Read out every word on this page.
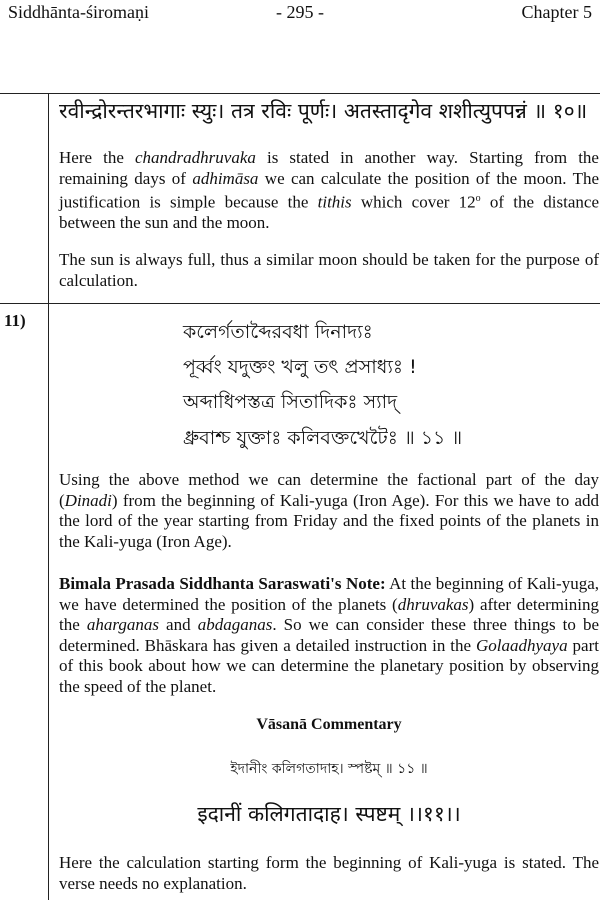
Siddhānta-śiromaṇi	- 295 -	Chapter 5
रवीन्द्रोरन्तरभागाः स्युः। तत्र रविः पूर्णः। अतस्तादृगेव शशीत्युपपन्नं ॥ १०॥

Here the chandradhruvaka is stated in another way. Starting from the remaining days of adhimāsa we can calculate the position of the moon. The justification is simple because the tithis which cover 12$^o$ of the distance between the sun and the moon.

The sun is always full, thus a similar moon should be taken for the purpose of calculation.

11)
কলের্গতাব্দৈরবধা দিনাদ্যঃ
পূর্ব্বং যদুক্তং খলু তৎ প্রসাধ্যঃ !
অব্দাধিপস্তত্র সিতাদিকঃ স্যাদ্
ধ্রুবাশ্চ যুক্তাঃ কলিবক্তখেটৈঃ ॥ ১১ ॥

Using the above method we can determine the factional part of the day (Dinadi) from the beginning of Kali-yuga (Iron Age). For this we have to add the lord of the year starting from Friday and the fixed points of the planets in the Kali-yuga (Iron Age).

Bimala Prasada Siddhanta Saraswati's Note: At the beginning of Kali-yuga, we have determined the position of the planets (dhruvakas) after determining the aharganas and abdaganas. So we can consider these three things to be determined. Bhāskara has given a detailed instruction in the Golaadhyaya part of this book about how we can determine the planetary position by observing the speed of the planet.

Vāsanā Commentary
ইদানীং কলিগতাদাহ। স্পষ্টম্ ॥ ১১ ॥
इदानीं कलिगतादाह। स्पष्टम् ।।११।।

Here the calculation starting form the beginning of Kali-yuga is stated. The verse needs no explanation.
